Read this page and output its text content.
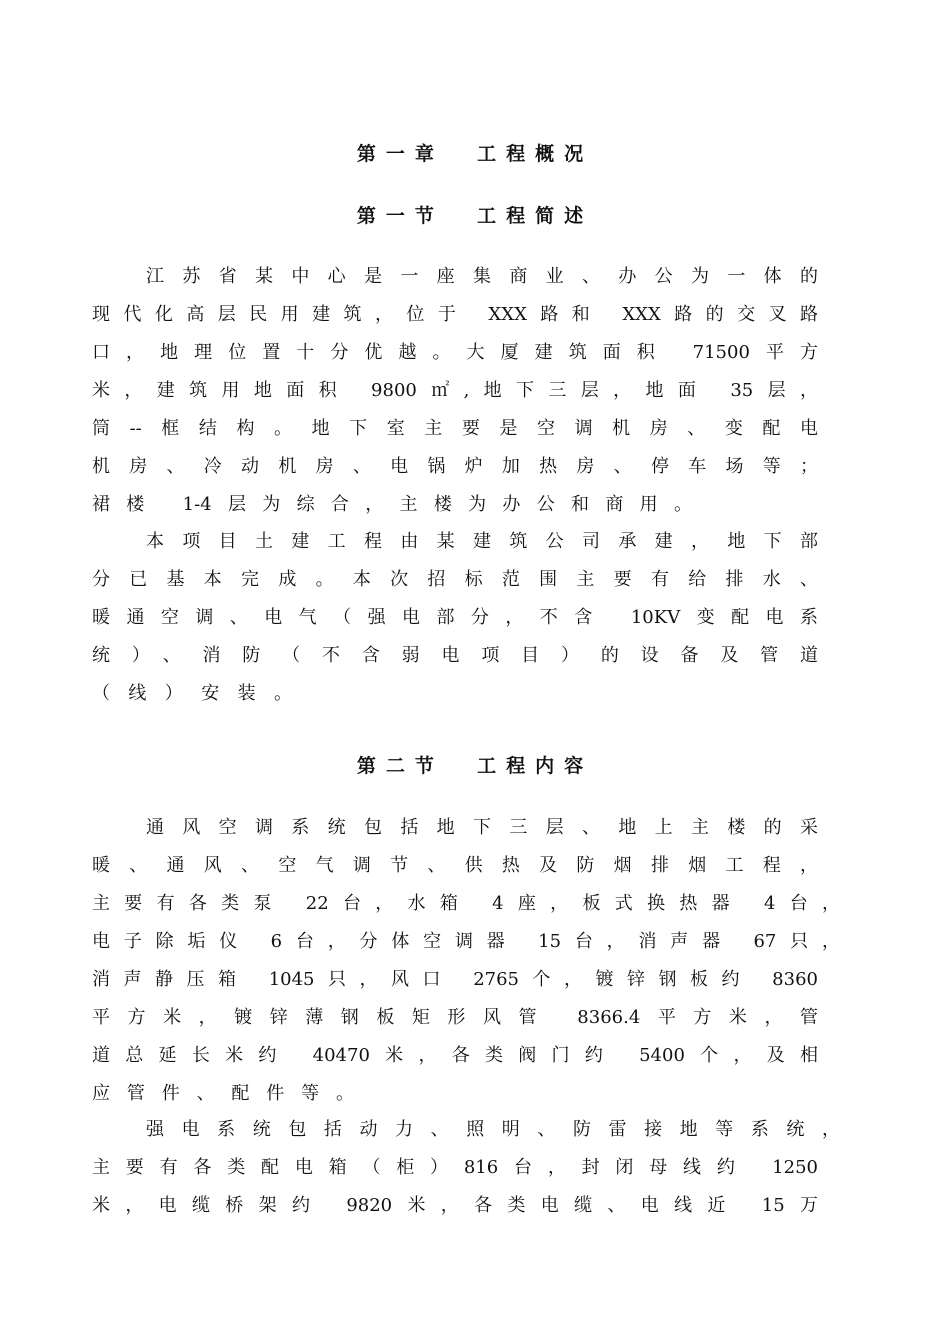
第一章  工程概况
第一节  工程简述
江苏省某中心是一座集商业、办公为一体的
现代化高层民用建筑，位于 XXX路和 XXX路的交叉路
口，地理位置十分优越。大厦建筑面积 71500平方
米，建筑用地面积 9800㎡,地下三层，地面 35层，
筒--框结构。地下室主要是空调机房、变配电
机房、冷动机房、电锅炉加热房、停车场等；
裙楼 1-4层为综合，主楼为办公和商用。
本项目土建工程由某建筑公司承建，地下部
分已基本完成。本次招标范围主要有给排水、
暖通空调、电气（强电部分，不含 10KV变配电系
统）、消防（不含弱电项目）的设备及管道
（线）安装。
第二节  工程内容
通风空调系统包括地下三层、地上主楼的采
暖、通风、空气调节、供热及防烟排烟工程，
主要有各类泵 22台，水箱 4座，板式换热器 4台，
电子除垢仪 6台，分体空调器 15台，消声器 67只，
消声静压箱 1045只，风口 2765个，镀锌钢板约 8360
平方米，镀锌薄钢板矩形风管 8366.4平方米，管
道总延长米约 40470米，各类阀门约 5400个，及相
应管件、配件等。
强电系统包括动力、照明、防雷接地等系统，
主要有各类配电箱（柜）816台，封闭母线约 1250
米，电缆桥架约 9820米，各类电缆、电线近 15万
